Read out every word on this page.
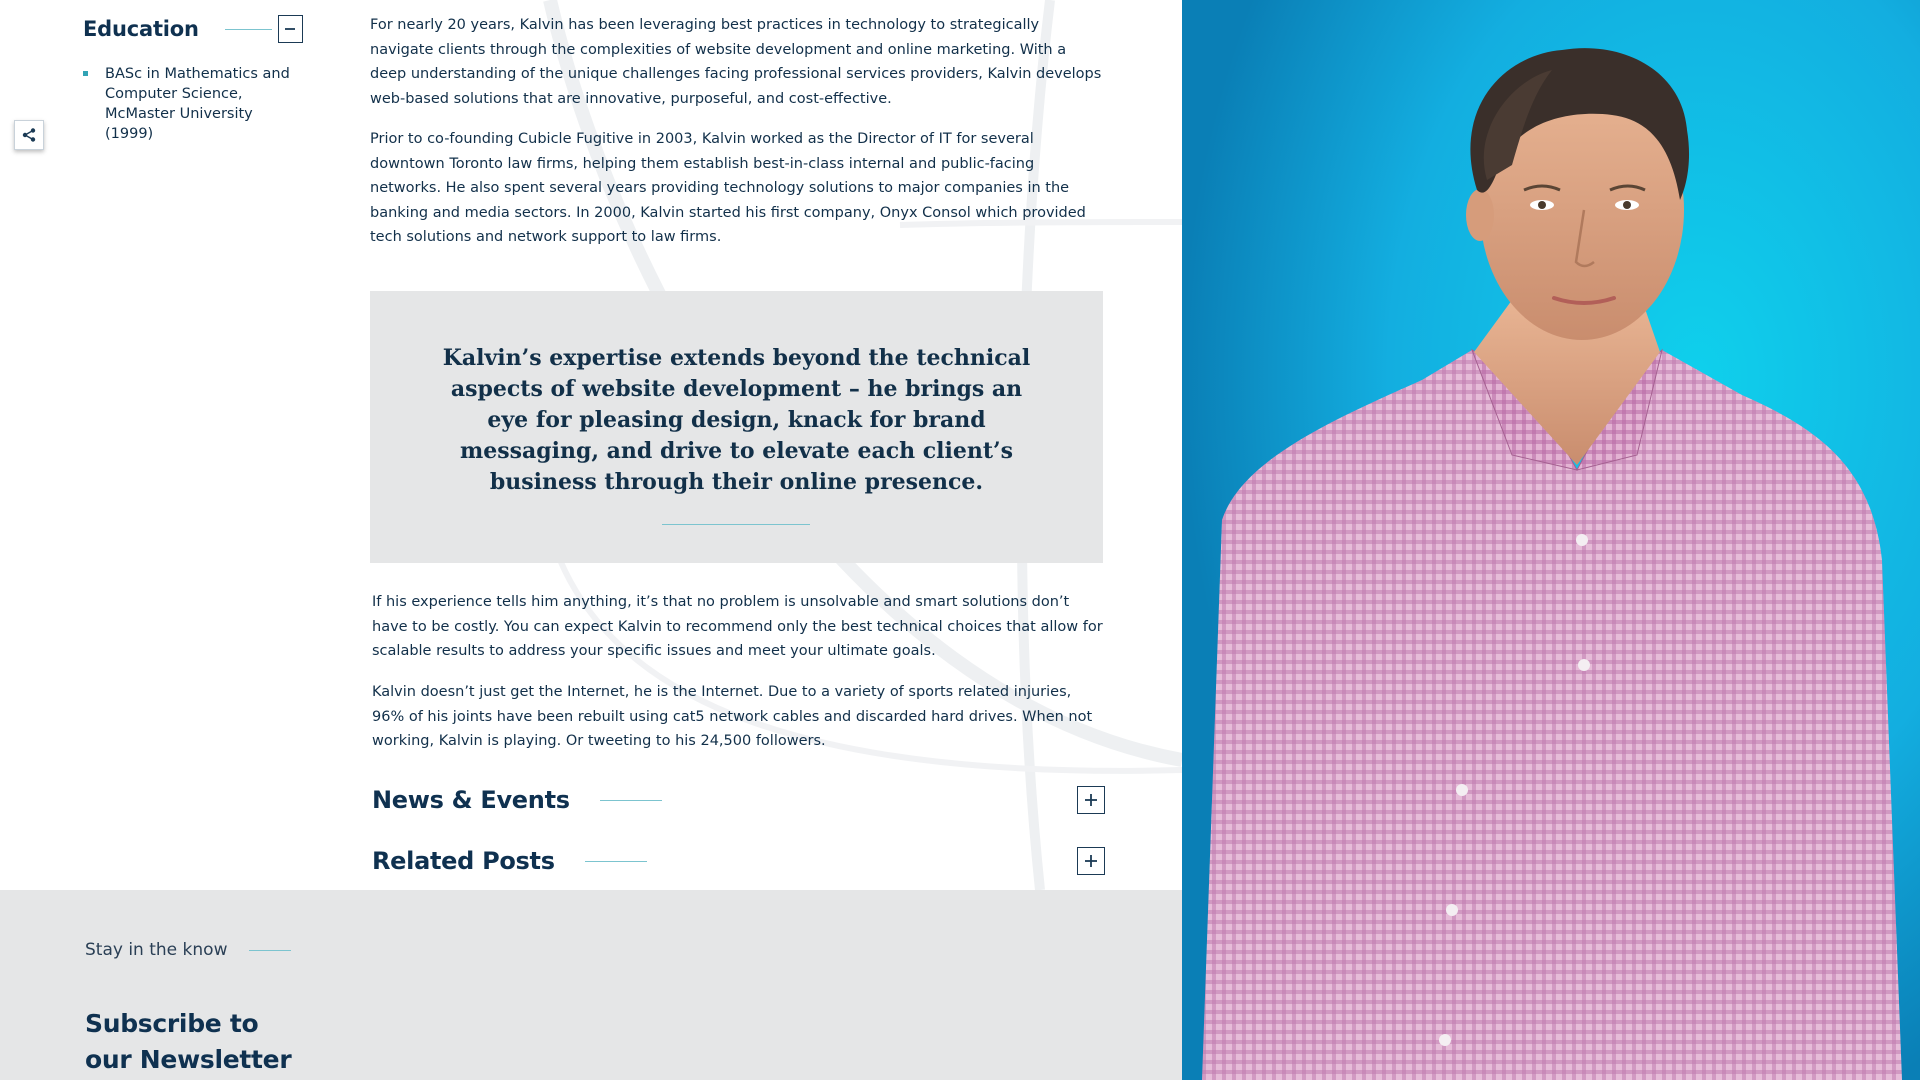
Education
BASc in Mathematics and Computer Science, McMaster University (1999)

For nearly 20 years, Kalvin has been leveraging best practices in technology to strategically navigate clients through the complexities of website development and online marketing. With a deep understanding of the unique challenges facing professional services providers, Kalvin develops web-based solutions that are innovative, purposeful, and cost-effective.

Prior to co-founding Cubicle Fugitive in 2003, Kalvin worked as the Director of IT for several downtown Toronto law firms, helping them establish best-in-class internal and public-facing networks. He also spent several years providing technology solutions to major companies in the banking and media sectors. In 2000, Kalvin started his first company, Onyx Consol which provided tech solutions and network support to law firms.

Kalvin’s expertise extends beyond the technical aspects of website development – he brings an eye for pleasing design, knack for brand messaging, and drive to elevate each client’s business through their online presence.

If his experience tells him anything, it’s that no problem is unsolvable and smart solutions don’t have to be costly. You can expect Kalvin to recommend only the best technical choices that allow for scalable results to address your specific issues and meet your ultimate goals.

Kalvin doesn’t just get the Internet, he is the Internet. Due to a variety of sports related injuries, 96% of his joints have been rebuilt using cat5 network cables and discarded hard drives. When not working, Kalvin is playing. Or tweeting to his 24,500 followers.

News & Events
Related Posts
Stay in the know
Subscribe to
our Newsletter
